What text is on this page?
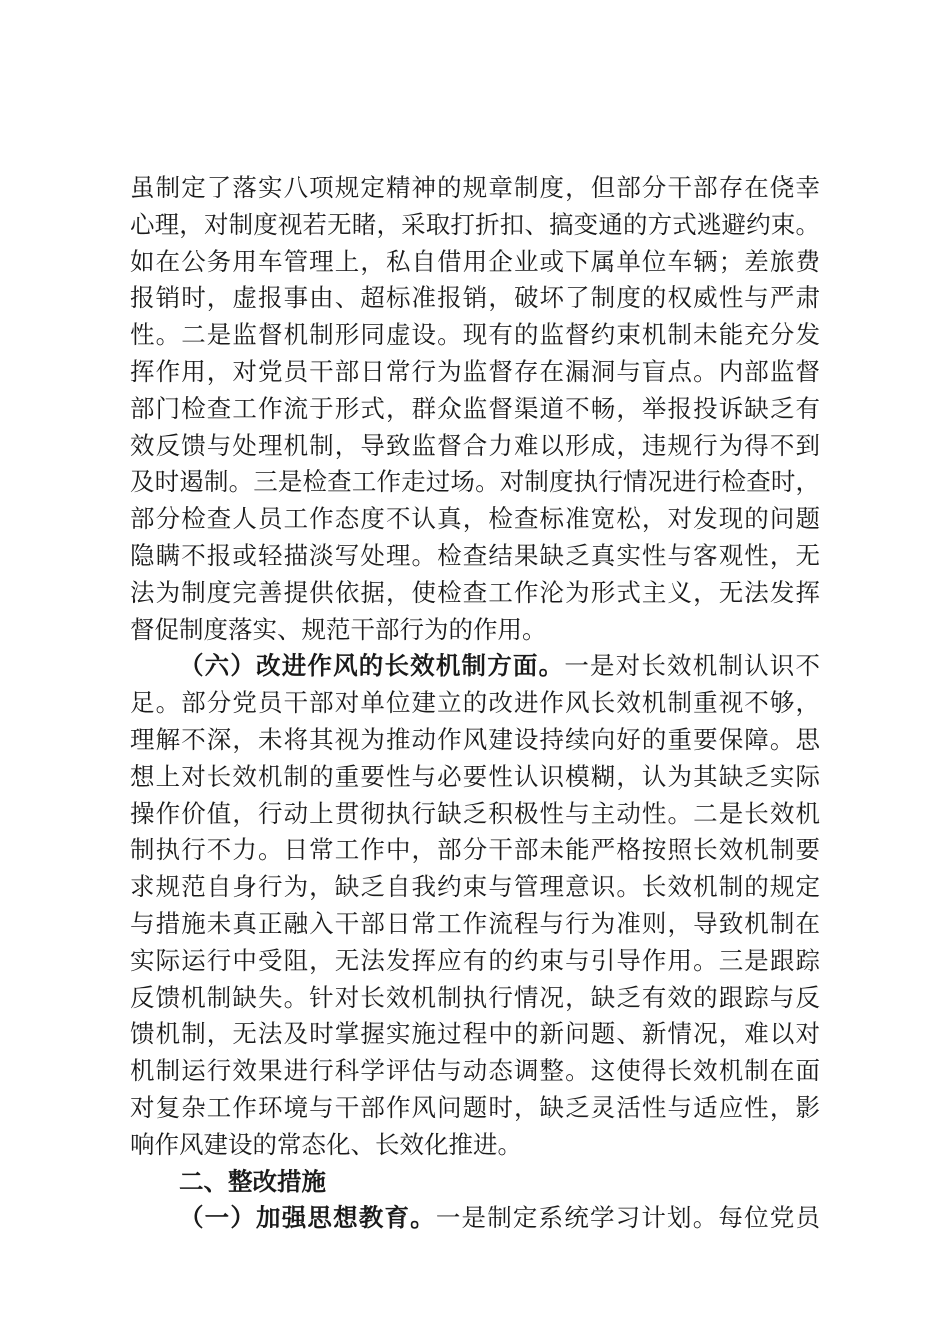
虽制定了落实八项规定精神的规章制度，但部分干部存在侥幸
心理，对制度视若无睹，采取打折扣、搞变通的方式逃避约束。
如在公务用车管理上，私自借用企业或下属单位车辆；差旅费
报销时，虚报事由、超标准报销，破坏了制度的权威性与严肃
性。二是监督机制形同虚设。现有的监督约束机制未能充分发
挥作用，对党员干部日常行为监督存在漏洞与盲点。内部监督
部门检查工作流于形式，群众监督渠道不畅，举报投诉缺乏有
效反馈与处理机制，导致监督合力难以形成，违规行为得不到
及时遏制。三是检查工作走过场。对制度执行情况进行检查时，
部分检查人员工作态度不认真，检查标准宽松，对发现的问题
隐瞒不报或轻描淡写处理。检查结果缺乏真实性与客观性，无
法为制度完善提供依据，使检查工作沦为形式主义，无法发挥
督促制度落实、规范干部行为的作用。
（六）改进作风的长效机制方面。一是对长效机制认识不
足。部分党员干部对单位建立的改进作风长效机制重视不够，
理解不深，未将其视为推动作风建设持续向好的重要保障。思
想上对长效机制的重要性与必要性认识模糊，认为其缺乏实际
操作价值，行动上贯彻执行缺乏积极性与主动性。二是长效机
制执行不力。日常工作中，部分干部未能严格按照长效机制要
求规范自身行为，缺乏自我约束与管理意识。长效机制的规定
与措施未真正融入干部日常工作流程与行为准则，导致机制在
实际运行中受阻，无法发挥应有的约束与引导作用。三是跟踪
反馈机制缺失。针对长效机制执行情况，缺乏有效的跟踪与反
馈机制，无法及时掌握实施过程中的新问题、新情况，难以对
机制运行效果进行科学评估与动态调整。这使得长效机制在面
对复杂工作环境与干部作风问题时，缺乏灵活性与适应性，影
响作风建设的常态化、长效化推进。
二、整改措施
（一）加强思想教育。一是制定系统学习计划。每位党员
